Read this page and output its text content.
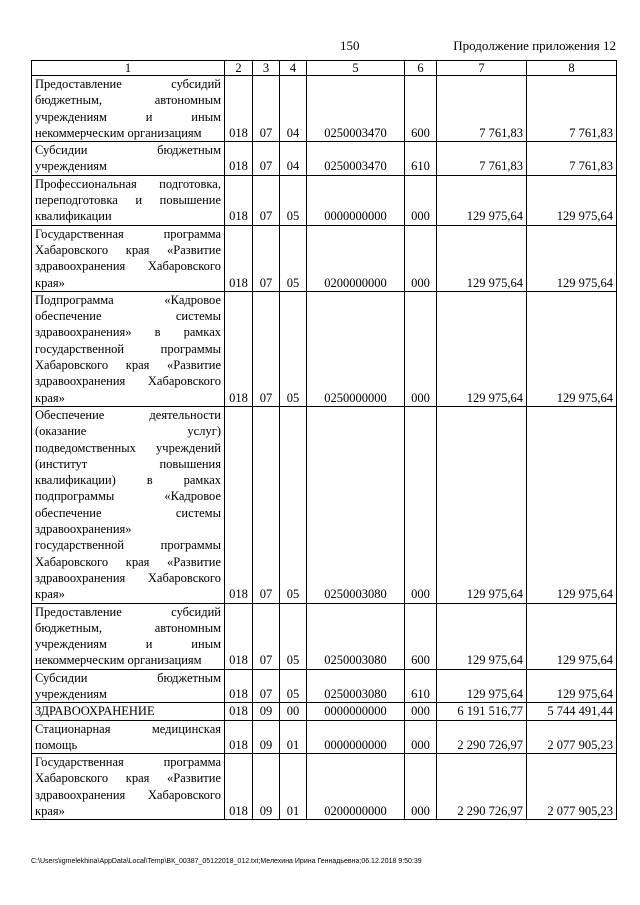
150	Продолжение приложения 12
1	2	3	4	5	6	7	8
Предоставление субсидий бюджетным, автономным учреждениям и иным некоммерческим организациям	018	07	04	0250003470	600	7 761,83	7 761,83
Субсидии бюджетным учреждениям	018	07	04	0250003470	610	7 761,83	7 761,83
Профессиональная подготовка, переподготовка и повышение квалификации	018	07	05	0000000000	000	129 975,64	129 975,64
Государственная программа Хабаровского края «Развитие здравоохранения Хабаровского края»	018	07	05	0200000000	000	129 975,64	129 975,64
Подпрограмма «Кадровое обеспечение системы здравоохранения» в рамках государственной программы Хабаровского края «Развитие здравоохранения Хабаровского края»	018	07	05	0250000000	000	129 975,64	129 975,64
Обеспечение деятельности (оказание услуг) подведомственных учреждений (институт повышения квалификации) в рамках подпрограммы «Кадровое обеспечение системы здравоохранения» государственной программы Хабаровского края «Развитие здравоохранения Хабаровского края»	018	07	05	0250003080	000	129 975,64	129 975,64
Предоставление субсидий бюджетным, автономным учреждениям и иным некоммерческим организациям	018	07	05	0250003080	600	129 975,64	129 975,64
Субсидии бюджетным учреждениям	018	07	05	0250003080	610	129 975,64	129 975,64
ЗДРАВООХРАНЕНИЕ	018	09	00	0000000000	000	6 191 516,77	5 744 491,44
Стационарная медицинская помощь	018	09	01	0000000000	000	2 290 726,97	2 077 905,23
Государственная программа Хабаровского края «Развитие здравоохранения Хабаровского края»	018	09	01	0200000000	000	2 290 726,97	2 077 905,23
C:\Users\igmelekhina\AppData\Local\Temp\ВК_00387_05122018_012.txt;Мелехина Ирина Геннадьевна;06.12.2018 9:50:39
